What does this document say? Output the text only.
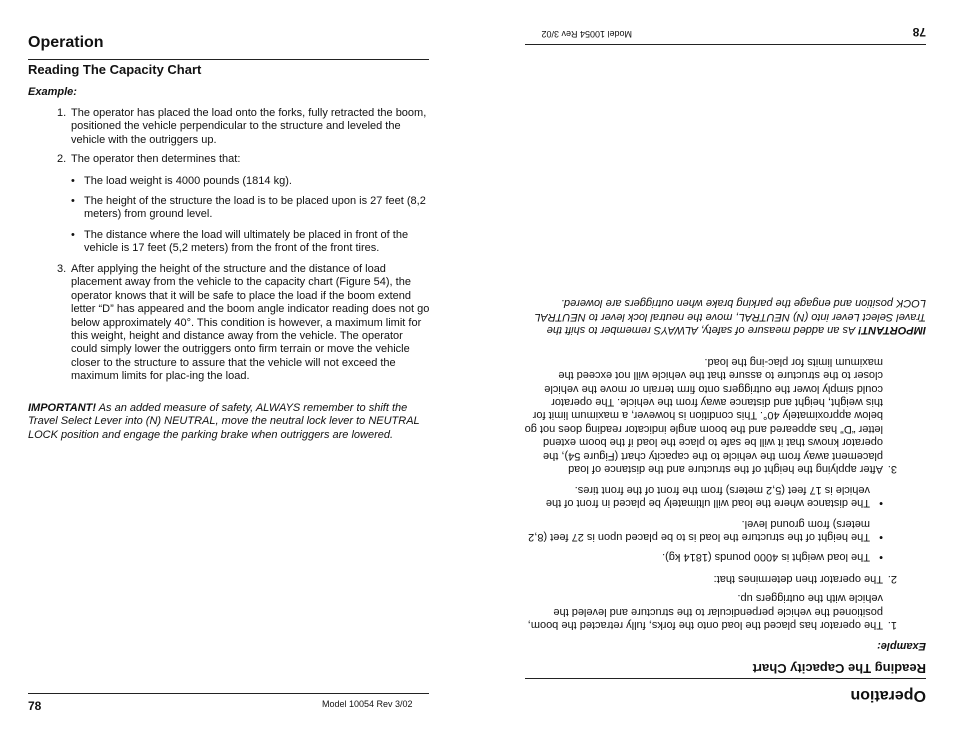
Operation
Reading The Capacity Chart
Example:
1. The operator has placed the load onto the forks, fully retracted the boom, positioned the vehicle perpendicular to the structure and leveled the vehicle with the outriggers up.
2. The operator then determines that:
• The load weight is 4000 pounds (1814 kg).
• The height of the structure the load is to be placed upon is 27 feet (8,2 meters) from ground level.
• The distance where the load will ultimately be placed in front of the vehicle is 17 feet (5,2 meters) from the front of the front tires.
3. After applying the height of the structure and the distance of load placement away from the vehicle to the capacity chart (Figure 54), the operator knows that it will be safe to place the load if the boom extend letter “D” has appeared and the boom angle indicator reading does not go below approximately 40°. This condition is however, a maximum limit for this weight, height and distance away from the vehicle. The operator could simply lower the outriggers onto firm terrain or move the vehicle closer to the structure to assure that the vehicle will not exceed the maximum limits for plac-ing the load.
IMPORTANT! As an added measure of safety, ALWAYS remember to shift the Travel Select Lever into (N) NEUTRAL, move the neutral lock lever to NEUTRAL LOCK position and engage the parking brake when outriggers are lowered.
78	Model 10054 Rev 3/02	Operation
Reading The Capacity Chart
Example:
1.
The operator has placed the load onto the forks, fully retracted the boom, positioned the vehicle perpendicular to the structure and leveled the vehicle with the outriggers up.
2.
The operator then determines that:
•
The load weight is 4000 pounds (1814 kg).
•
The height of the structure the load is to be placed upon is 27 feet (8,2 meters) from ground level.
•
The distance where the load will ultimately be placed in front of the vehicle is 17 feet (5,2 meters) from the front of the front tires.
3.
After applying the height of the structure and the distance of load placement away from the vehicle to the capacity chart (Figure 54), the operator knows that it will be safe to place the load if the boom extend letter “D” has appeared and the boom angle indicator reading does not go below approximately 40°. This condition is however, a maximum limit for this weight, height and distance away from the vehicle. The operator could simply lower the outriggers onto firm terrain or move the vehicle closer to the structure to assure that the vehicle will not exceed the maximum limits for plac-ing the load.
IMPORTANT! As an added measure of safety, ALWAYS remember to shift the Travel Select Lever into (N) NEUTRAL, move the neutral lock lever to NEUTRAL LOCK position and engage the parking brake when outriggers are lowered.
78
Model 10054 Rev 3/02
